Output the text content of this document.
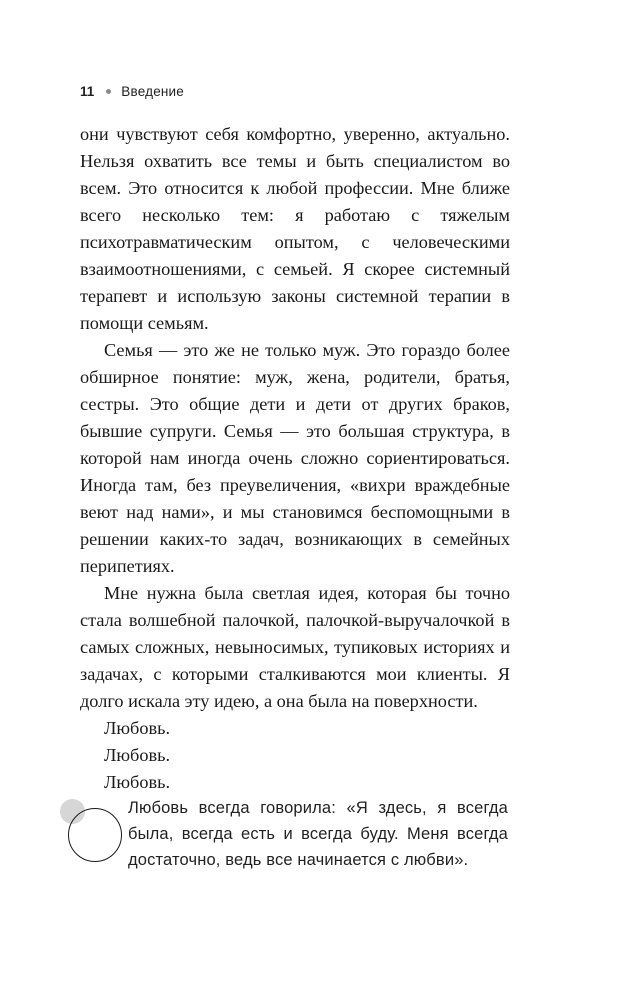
11 Введение

они чувствуют себя комфортно, уверенно, актуально. Нельзя охватить все темы и быть специалистом во всем. Это относится к любой профессии. Мне ближе всего несколько тем: я работаю с тяжелым психотравматическим опытом, с человеческими взаимоотношениями, с семьей. Я скорее системный терапевт и использую законы системной терапии в помощи семьям.

Семья — это же не только муж. Это гораздо более обширное понятие: муж, жена, родители, братья, сестры. Это общие дети и дети от других браков, бывшие супруги. Семья — это большая структура, в которой нам иногда очень сложно сориентироваться. Иногда там, без преувеличения, «вихри враждебные веют над нами», и мы становимся беспомощными в решении каких-то задач, возникающих в семейных перипетиях.

Мне нужна была светлая идея, которая бы точно стала волшебной палочкой, палочкой-выручалочкой в самых сложных, невыносимых, тупиковых историях и задачах, с которыми сталкиваются мои клиенты. Я долго искала эту идею, а она была на поверхности.

Любовь.

Любовь.

Любовь.

Любовь всегда говорила: «Я здесь, я всегда была, всегда есть и всегда буду. Меня всегда достаточно, ведь все начинается с любви».
